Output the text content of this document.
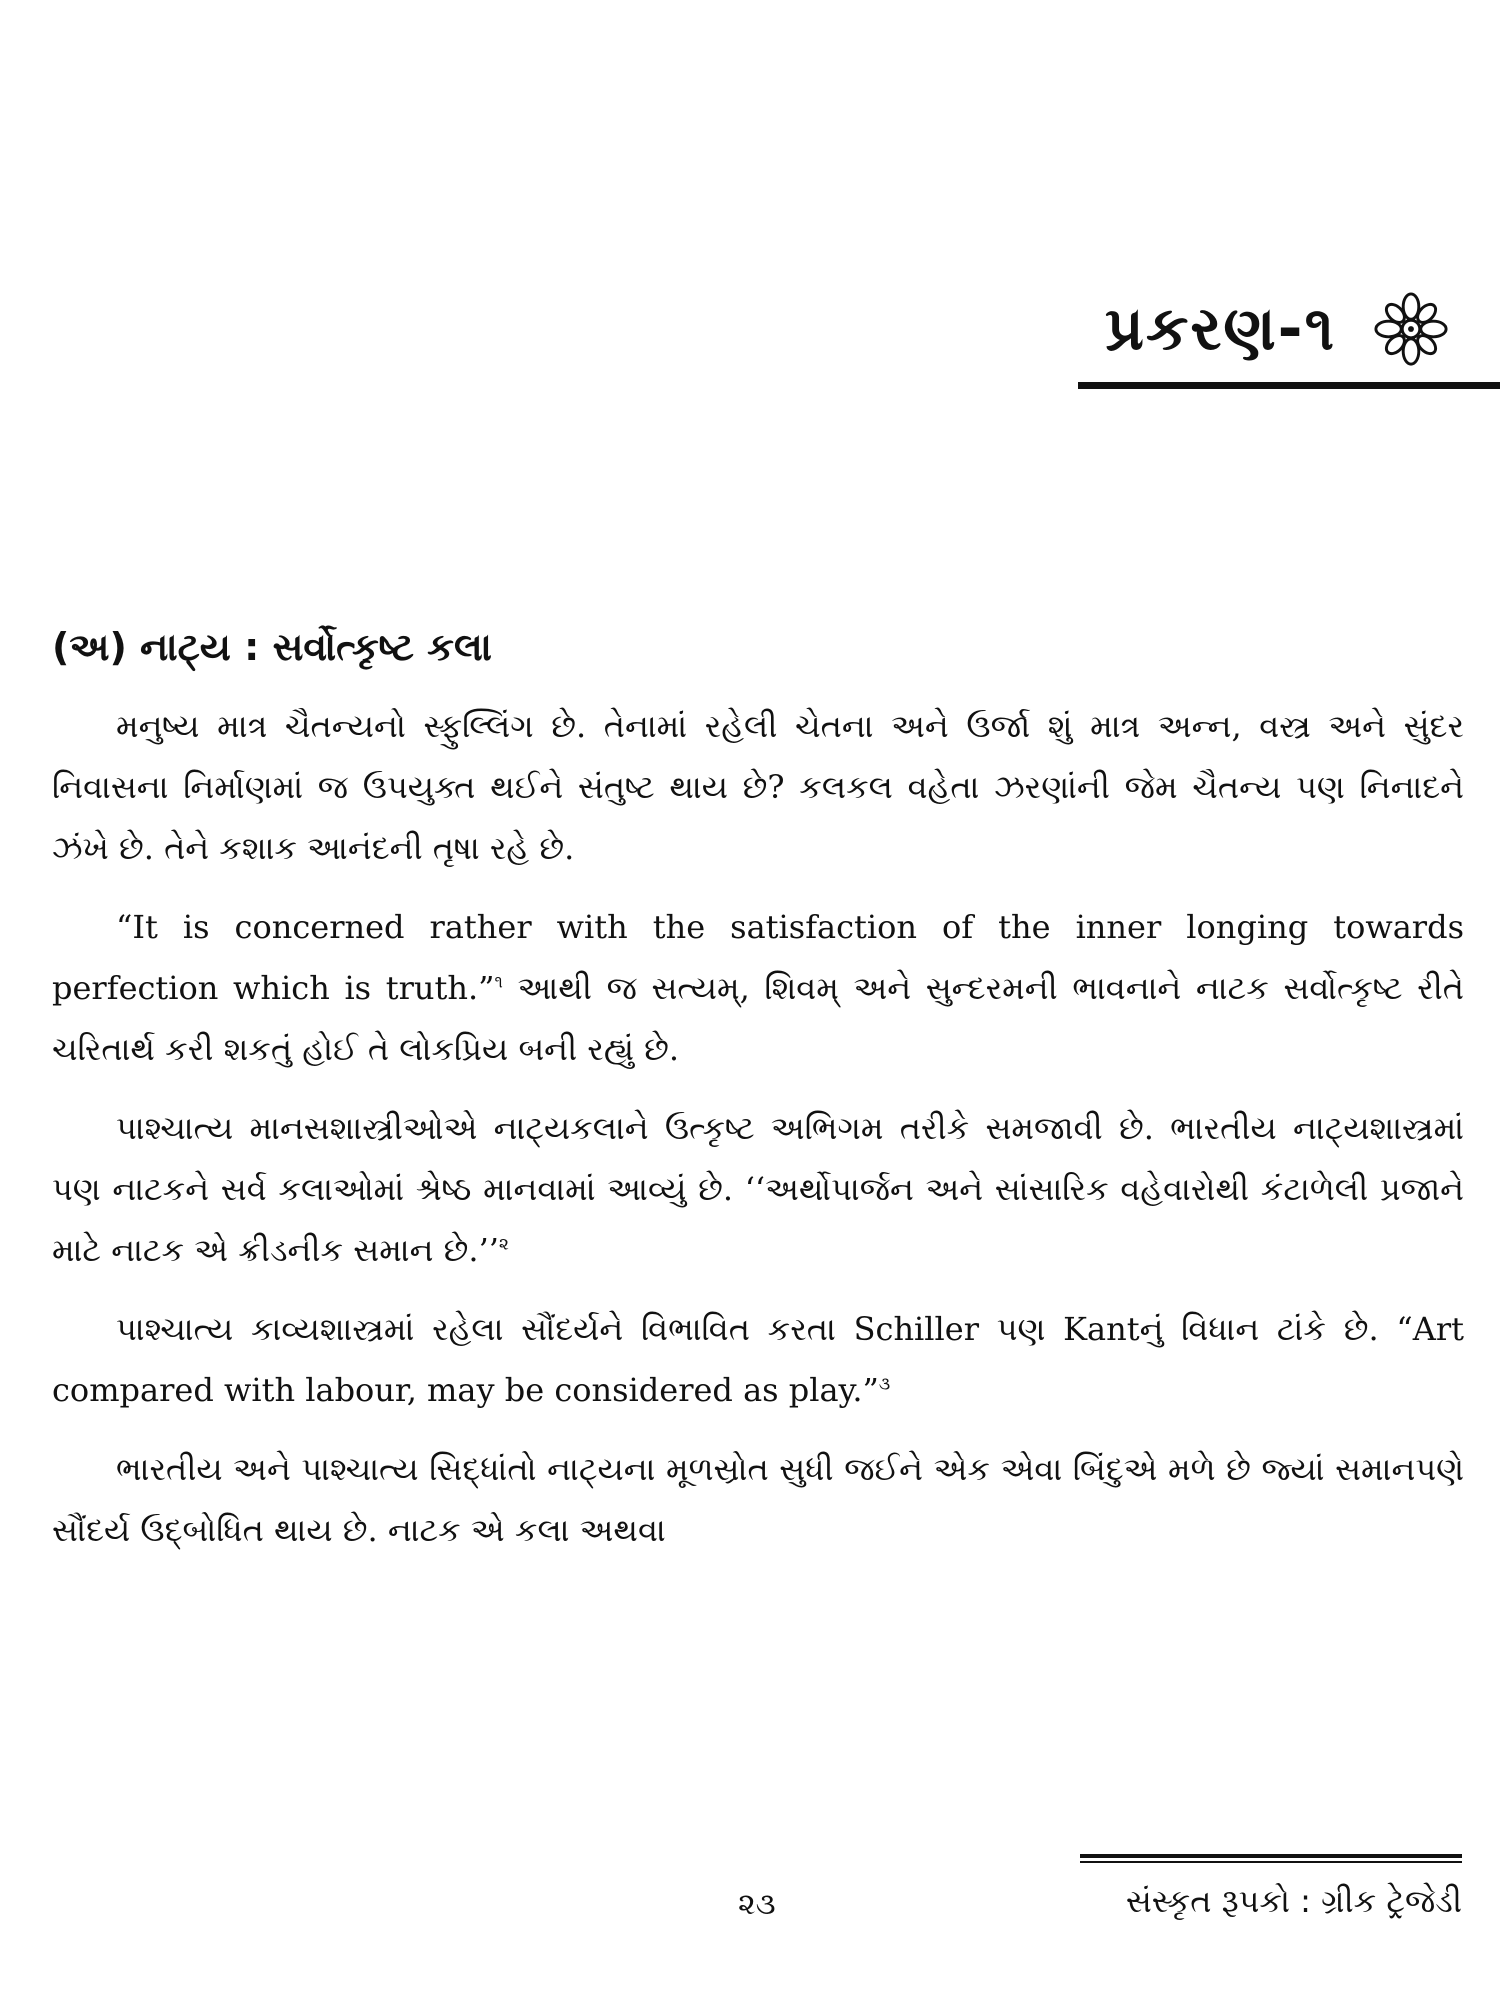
પ્રકરણ-૧
(અ) નાટ્ય : સર્વોત્કૃષ્ટ કલા

મનુષ્ય માત્ર ચૈતન્યનો સ્ફુલ્લિંગ છે. તેનામાં રહેલી ચેતના અને ઉર્જા શું માત્ર અન્ન, વસ્ત્ર અને સુંદર નિવાસના નિર્માણમાં જ ઉપયુક્ત થઈને સંતુષ્ટ થાય છે? કલકલ વહેતા ઝરણાંની જેમ ચૈતન્ય પણ નિનાદને ઝંખે છે. તેને કશાક આનંદની તૃષા રહે છે.

“It is concerned rather with the satisfaction of the inner longing towards perfection which is truth.”$^૧$ આથી જ સત્યમ્, શિવમ્ અને સુન્દરમની ભાવનાને નાટક સર્વોત્કૃષ્ટ રીતે ચરિતાર્થ કરી શકતું હોઈ તે લોકપ્રિય બની રહ્યું છે.

પાશ્ચાત્ય માનસશાસ્ત્રીઓએ નાટ્યકલાને ઉત્કૃષ્ટ અભિગમ તરીકે સમજાવી છે. ભારતીય નાટ્યશાસ્ત્રમાં પણ નાટકને સર્વ કલાઓમાં શ્રેષ્ઠ માનવામાં આવ્યું છે. ‘‘અર્થોપાર્જન અને સાંસારિક વહેવારોથી કંટાળેલી પ્રજાને માટે નાટક એ ક્રીડનીક સમાન છે.’’$^૨$

પાશ્ચાત્ય કાવ્યશાસ્ત્રમાં રહેલા સૌંદર્યને વિભાવિત કરતા Schiller પણ Kantનું વિધાન ટાંકે છે. “Art compared with labour, may be considered as play.”$^૩$

ભારતીય અને પાશ્ચાત્ય સિદ્ધાંતો નાટ્યના મૂળસ્રોત સુધી જઈને એક એવા બિંદુએ મળે છે જ્યાં સમાનપણે સૌંદર્ય ઉદ્‌બોધિત થાય છે. નાટક એ કલા અથવા

૨૩	સંસ્કૃત રૂપકો : ગ્રીક ટ્રેજેડી
